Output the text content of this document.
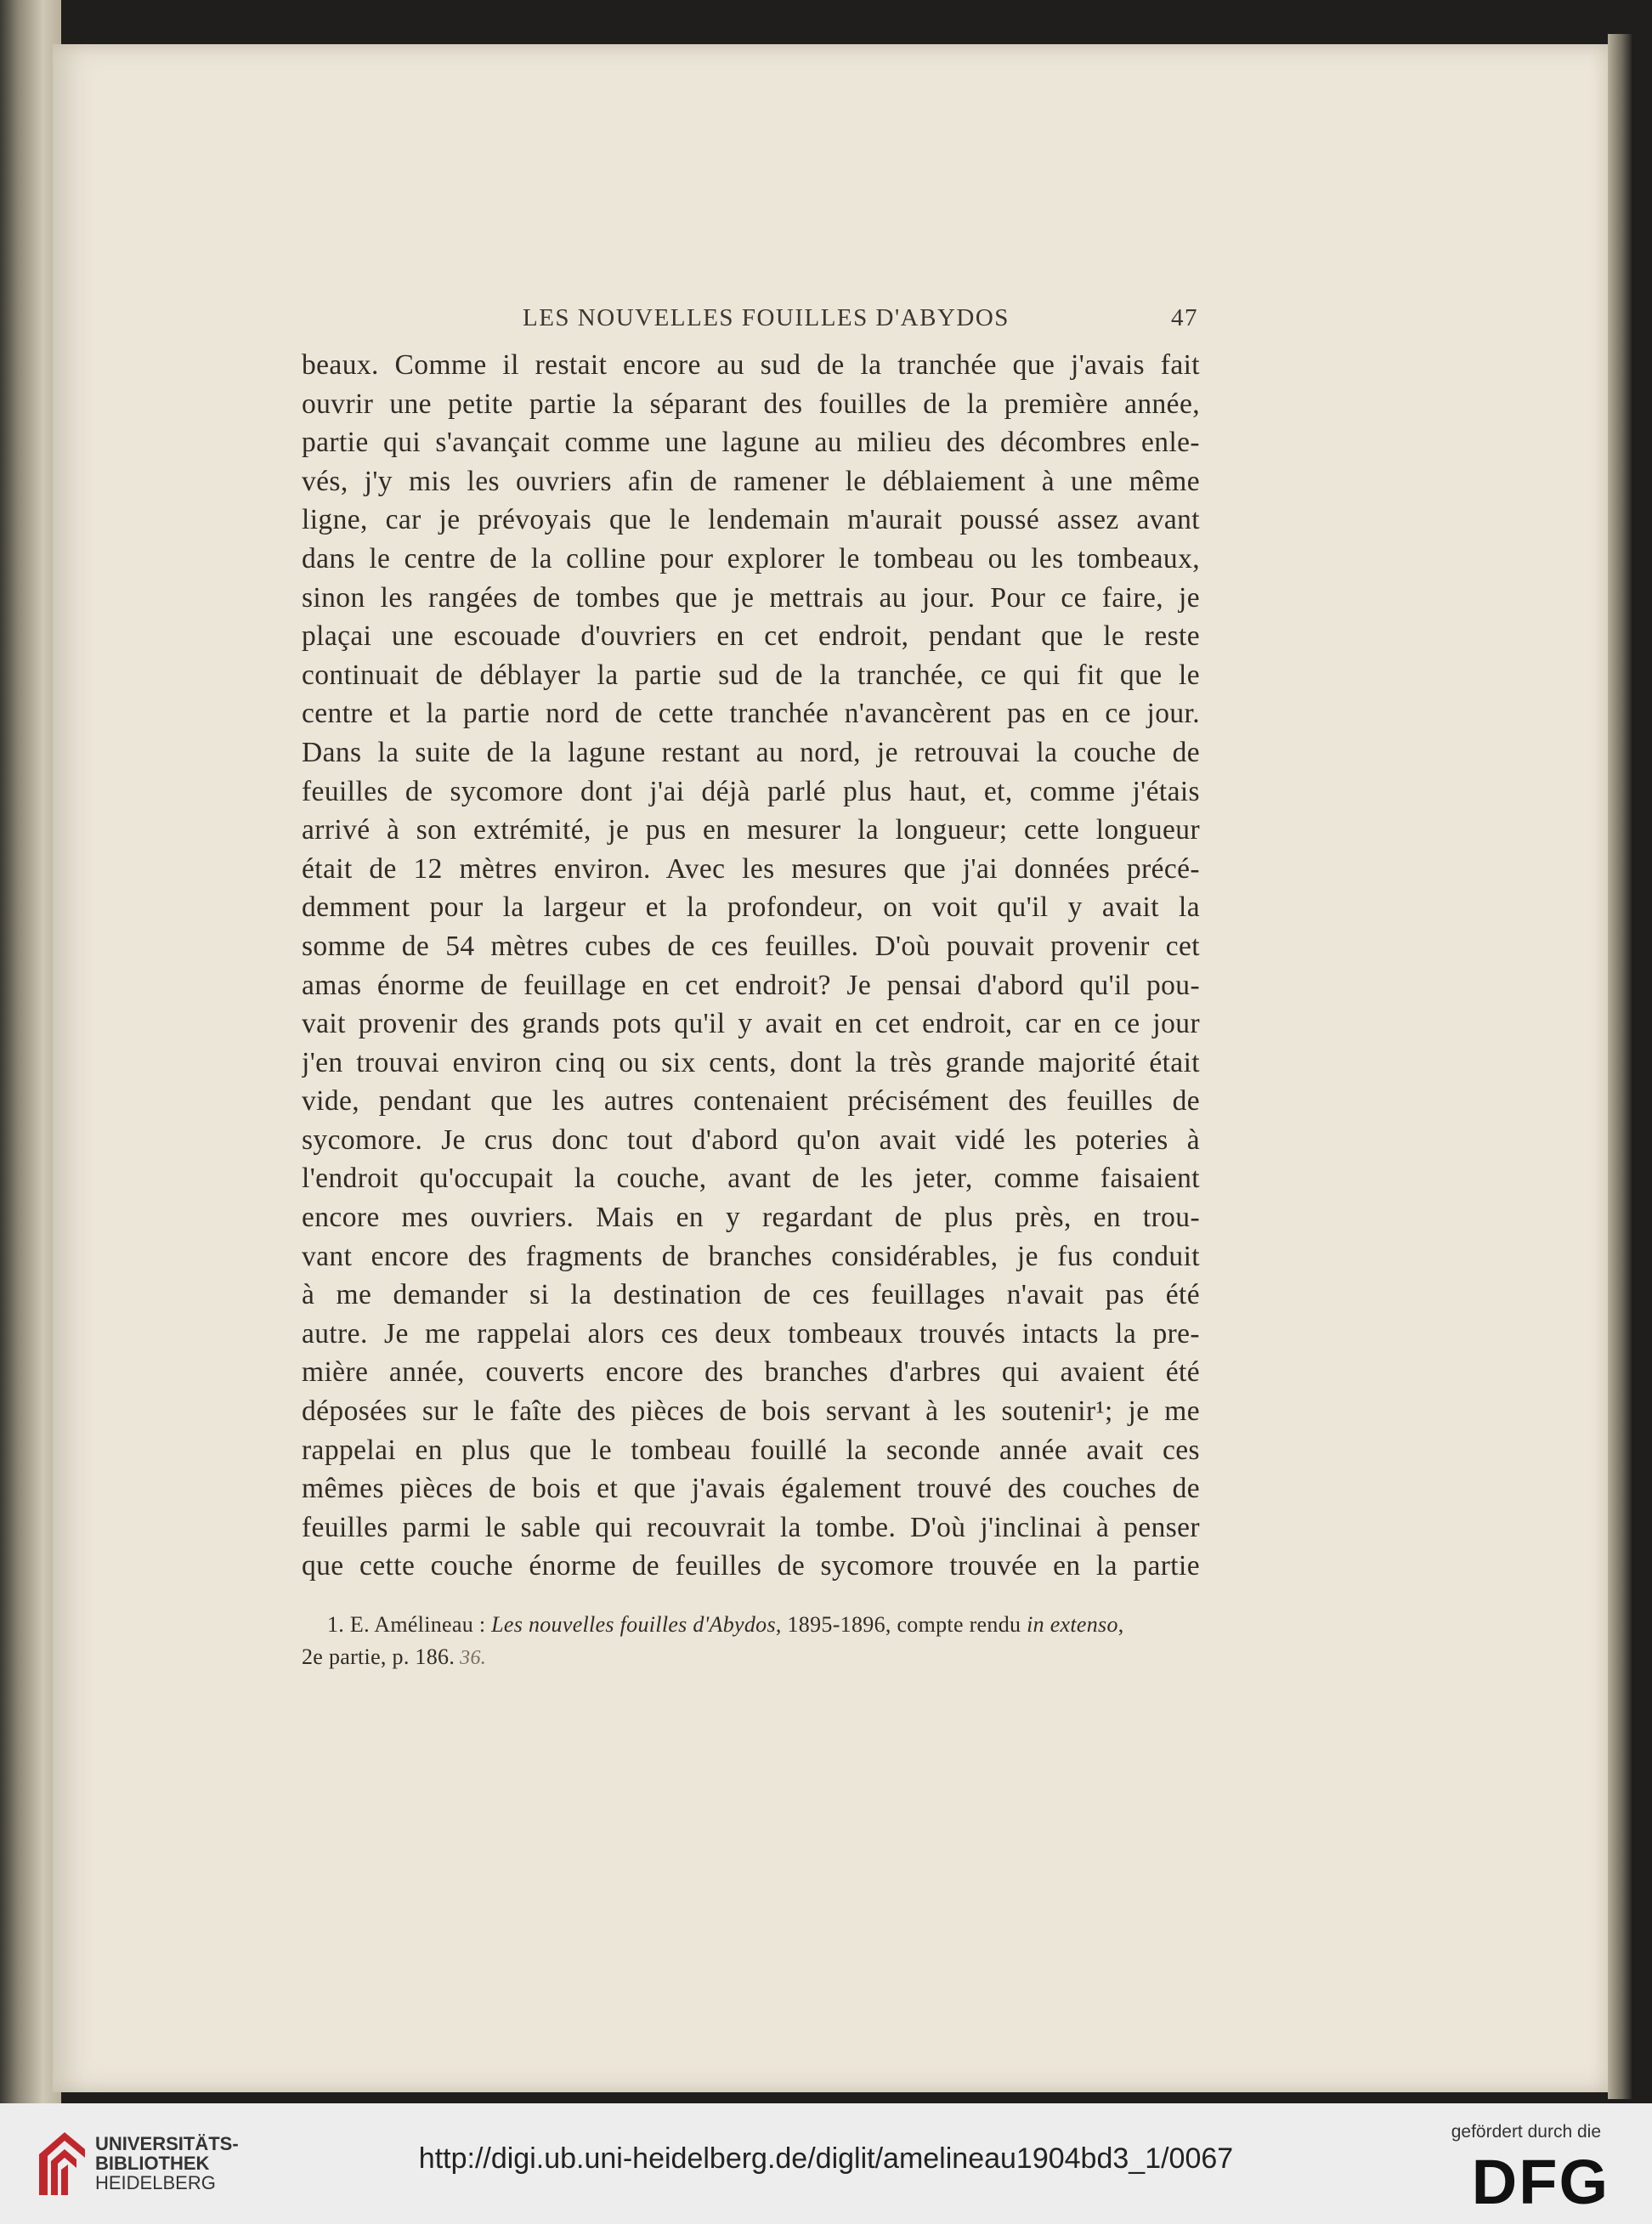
LES NOUVELLES FOUILLES D'ABYDOS	47
beaux. Comme il restait encore au sud de la tranchée que j'avais fait
ouvrir une petite partie la séparant des fouilles de la première année,
partie qui s'avançait comme une lagune au milieu des décombres enle-
vés, j'y mis les ouvriers afin de ramener le déblaiement à une même
ligne, car je prévoyais que le lendemain m'aurait poussé assez avant
dans le centre de la colline pour explorer le tombeau ou les tombeaux,
sinon les rangées de tombes que je mettrais au jour. Pour ce faire, je
plaçai une escouade d'ouvriers en cet endroit, pendant que le reste
continuait de déblayer la partie sud de la tranchée, ce qui fit que le
centre et la partie nord de cette tranchée n'avancèrent pas en ce jour.
Dans la suite de la lagune restant au nord, je retrouvai la couche de
feuilles de sycomore dont j'ai déjà parlé plus haut, et, comme j'étais
arrivé à son extrémité, je pus en mesurer la longueur; cette longueur
était de 12 mètres environ. Avec les mesures que j'ai données précé-
demment pour la largeur et la profondeur, on voit qu'il y avait la
somme de 54 mètres cubes de ces feuilles. D'où pouvait provenir cet
amas énorme de feuillage en cet endroit? Je pensai d'abord qu'il pou-
vait provenir des grands pots qu'il y avait en cet endroit, car en ce jour
j'en trouvai environ cinq ou six cents, dont la très grande majorité était
vide, pendant que les autres contenaient précisément des feuilles de
sycomore. Je crus donc tout d'abord qu'on avait vidé les poteries à
l'endroit qu'occupait la couche, avant de les jeter, comme faisaient
encore mes ouvriers. Mais en y regardant de plus près, en trou-
vant encore des fragments de branches considérables, je fus conduit
à me demander si la destination de ces feuillages n'avait pas été
autre. Je me rappelai alors ces deux tombeaux trouvés intacts la pre-
mière année, couverts encore des branches d'arbres qui avaient été
déposées sur le faîte des pièces de bois servant à les soutenir¹; je me
rappelai en plus que le tombeau fouillé la seconde année avait ces
mêmes pièces de bois et que j'avais également trouvé des couches de
feuilles parmi le sable qui recouvrait la tombe. D'où j'inclinai à penser
que cette couche énorme de feuilles de sycomore trouvée en la partie
1. E. Amélineau : Les nouvelles fouilles d'Abydos, 1895-1896, compte rendu in extenso,
2e partie, p. 186. 36.
UNIVERSITÄTS-
BIBLIOTHEK
HEIDELBERG
http://digi.ub.uni-heidelberg.de/diglit/amelineau1904bd3_1/0067
gefördert durch die
DFG
